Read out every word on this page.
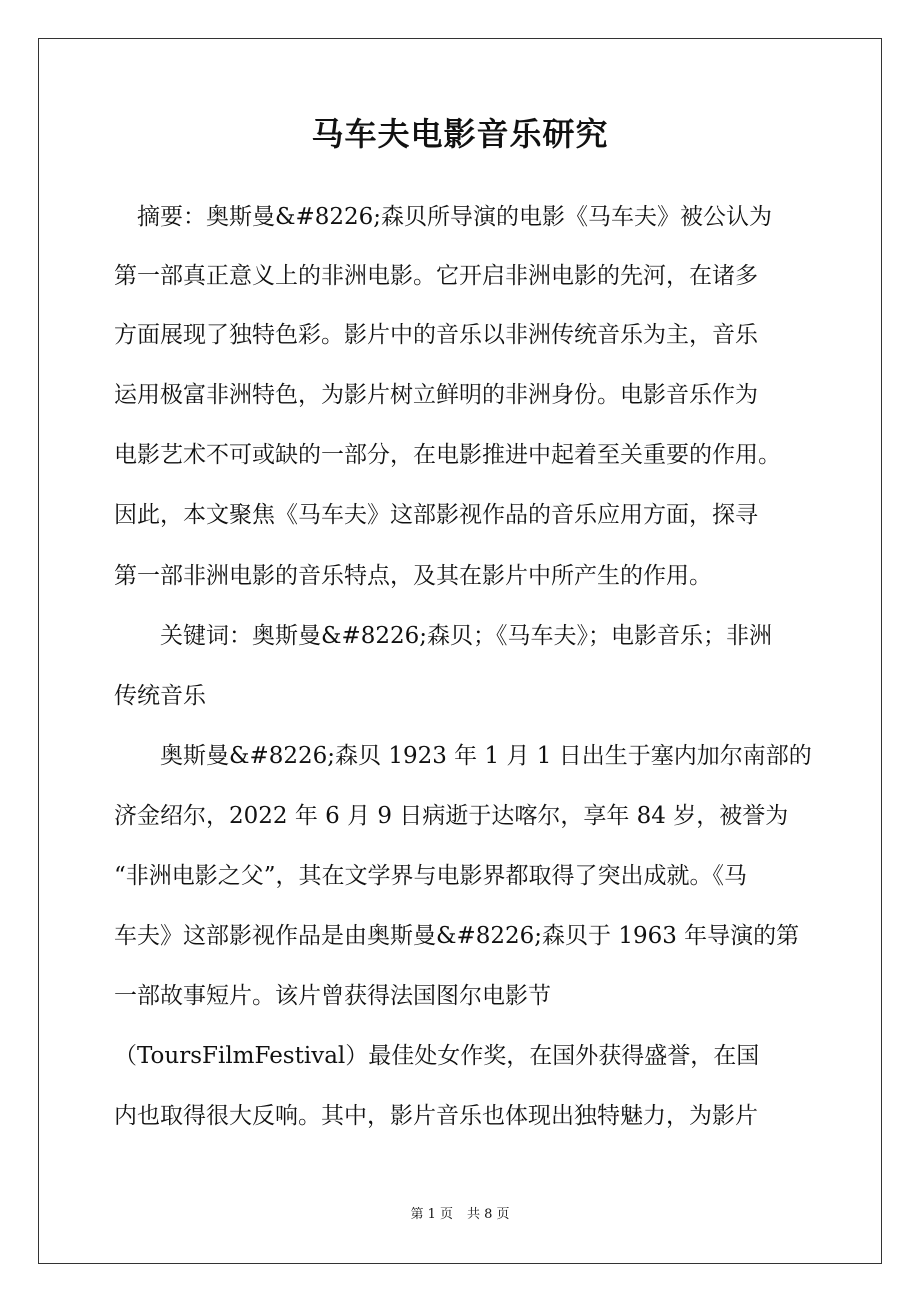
马车夫电影音乐研究
摘要：奥斯曼&#8226;森贝所导演的电影《马车夫》被公认为
第一部真正意义上的非洲电影。它开启非洲电影的先河，在诸多
方面展现了独特色彩。影片中的音乐以非洲传统音乐为主，音乐
运用极富非洲特色，为影片树立鲜明的非洲身份。电影音乐作为
电影艺术不可或缺的一部分，在电影推进中起着至关重要的作用。
因此，本文聚焦《马车夫》这部影视作品的音乐应用方面，探寻
第一部非洲电影的音乐特点，及其在影片中所产生的作用。
关键词：奥斯曼&#8226;森贝；《马车夫》；电影音乐；非洲
传统音乐
奥斯曼&#8226;森贝 1923 年 1 月 1 日出生于塞内加尔南部的
济金绍尔，2022 年 6 月 9 日病逝于达喀尔，享年 84 岁，被誉为
“非洲电影之父”，其在文学界与电影界都取得了突出成就。《马
车夫》这部影视作品是由奥斯曼&#8226;森贝于 1963 年导演的第
一部故事短片。该片曾获得法国图尔电影节
（ToursFilmFestival）最佳处女作奖，在国外获得盛誉，在国
内也取得很大反响。其中，影片音乐也体现出独特魅力，为影片
第 1 页 共 8 页
